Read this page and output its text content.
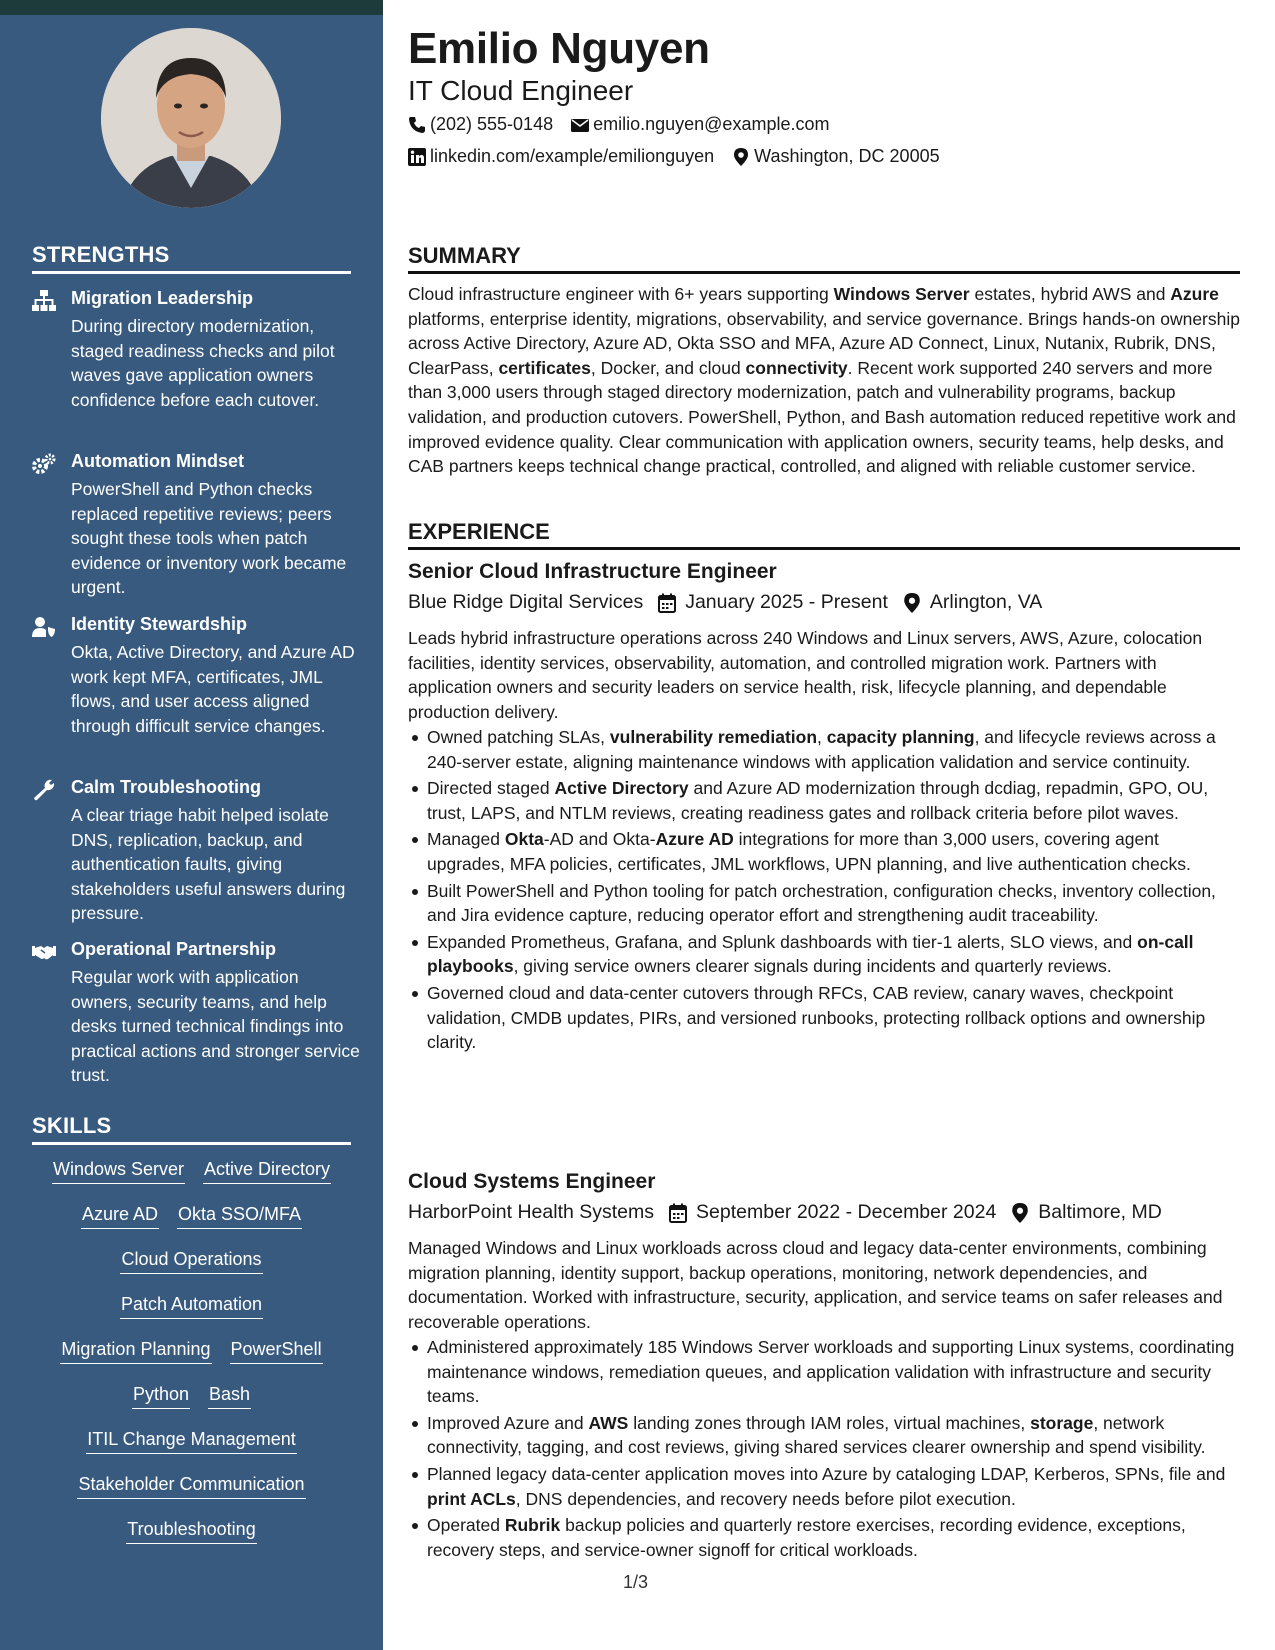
STRENGTHS
Migration Leadership
During directory modernization, staged readiness checks and pilot waves gave application owners confidence before each cutover.
Automation Mindset
PowerShell and Python checks replaced repetitive reviews; peers sought these tools when patch evidence or inventory work became urgent.
Identity Stewardship
Okta, Active Directory, and Azure AD work kept MFA, certificates, JML flows, and user access aligned through difficult service changes.
Calm Troubleshooting
A clear triage habit helped isolate DNS, replication, backup, and authentication faults, giving stakeholders useful answers during pressure.
Operational Partnership
Regular work with application owners, security teams, and help desks turned technical findings into practical actions and stronger service trust.
SKILLS
Windows Server Active Directory
Azure AD Okta SSO/MFA
Cloud Operations
Patch Automation
Migration Planning PowerShell
Python Bash
ITIL Change Management
Stakeholder Communication
Troubleshooting
Emilio Nguyen
IT Cloud Engineer
(202) 555-0148 emilio.nguyen@example.com
linkedin.com/example/emilionguyen Washington, DC 20005
SUMMARY
Cloud infrastructure engineer with 6+ years supporting Windows Server estates, hybrid AWS and Azure platforms, enterprise identity, migrations, observability, and service governance. Brings hands-on ownership across Active Directory, Azure AD, Okta SSO and MFA, Azure AD Connect, Linux, Nutanix, Rubrik, DNS, ClearPass, certificates, Docker, and cloud connectivity. Recent work supported 240 servers and more than 3,000 users through staged directory modernization, patch and vulnerability programs, backup validation, and production cutovers. PowerShell, Python, and Bash automation reduced repetitive work and improved evidence quality. Clear communication with application owners, security teams, help desks, and CAB partners keeps technical change practical, controlled, and aligned with reliable customer service.
EXPERIENCE
Senior Cloud Infrastructure Engineer
Blue Ridge Digital Services January 2025 - Present Arlington, VA
Leads hybrid infrastructure operations across 240 Windows and Linux servers, AWS, Azure, colocation facilities, identity services, observability, automation, and controlled migration work. Partners with application owners and security leaders on service health, risk, lifecycle planning, and dependable production delivery.
Owned patching SLAs, vulnerability remediation, capacity planning, and lifecycle reviews across a 240-server estate, aligning maintenance windows with application validation and service continuity.
Directed staged Active Directory and Azure AD modernization through dcdiag, repadmin, GPO, OU, trust, LAPS, and NTLM reviews, creating readiness gates and rollback criteria before pilot waves.
Managed Okta-AD and Okta-Azure AD integrations for more than 3,000 users, covering agent upgrades, MFA policies, certificates, JML workflows, UPN planning, and live authentication checks.
Built PowerShell and Python tooling for patch orchestration, configuration checks, inventory collection, and Jira evidence capture, reducing operator effort and strengthening audit traceability.
Expanded Prometheus, Grafana, and Splunk dashboards with tier-1 alerts, SLO views, and on-call playbooks, giving service owners clearer signals during incidents and quarterly reviews.
Governed cloud and data-center cutovers through RFCs, CAB review, canary waves, checkpoint validation, CMDB updates, PIRs, and versioned runbooks, protecting rollback options and ownership clarity.
Cloud Systems Engineer
HarborPoint Health Systems September 2022 - December 2024 Baltimore, MD
Managed Windows and Linux workloads across cloud and legacy data-center environments, combining migration planning, identity support, backup operations, monitoring, network dependencies, and documentation. Worked with infrastructure, security, application, and service teams on safer releases and recoverable operations.
Administered approximately 185 Windows Server workloads and supporting Linux systems, coordinating maintenance windows, remediation queues, and application validation with infrastructure and security teams.
Improved Azure and AWS landing zones through IAM roles, virtual machines, storage, network connectivity, tagging, and cost reviews, giving shared services clearer ownership and spend visibility.
Planned legacy data-center application moves into Azure by cataloging LDAP, Kerberos, SPNs, file and print ACLs, DNS dependencies, and recovery needs before pilot execution.
Operated Rubrik backup policies and quarterly restore exercises, recording evidence, exceptions, recovery steps, and service-owner signoff for critical workloads.
1/3
